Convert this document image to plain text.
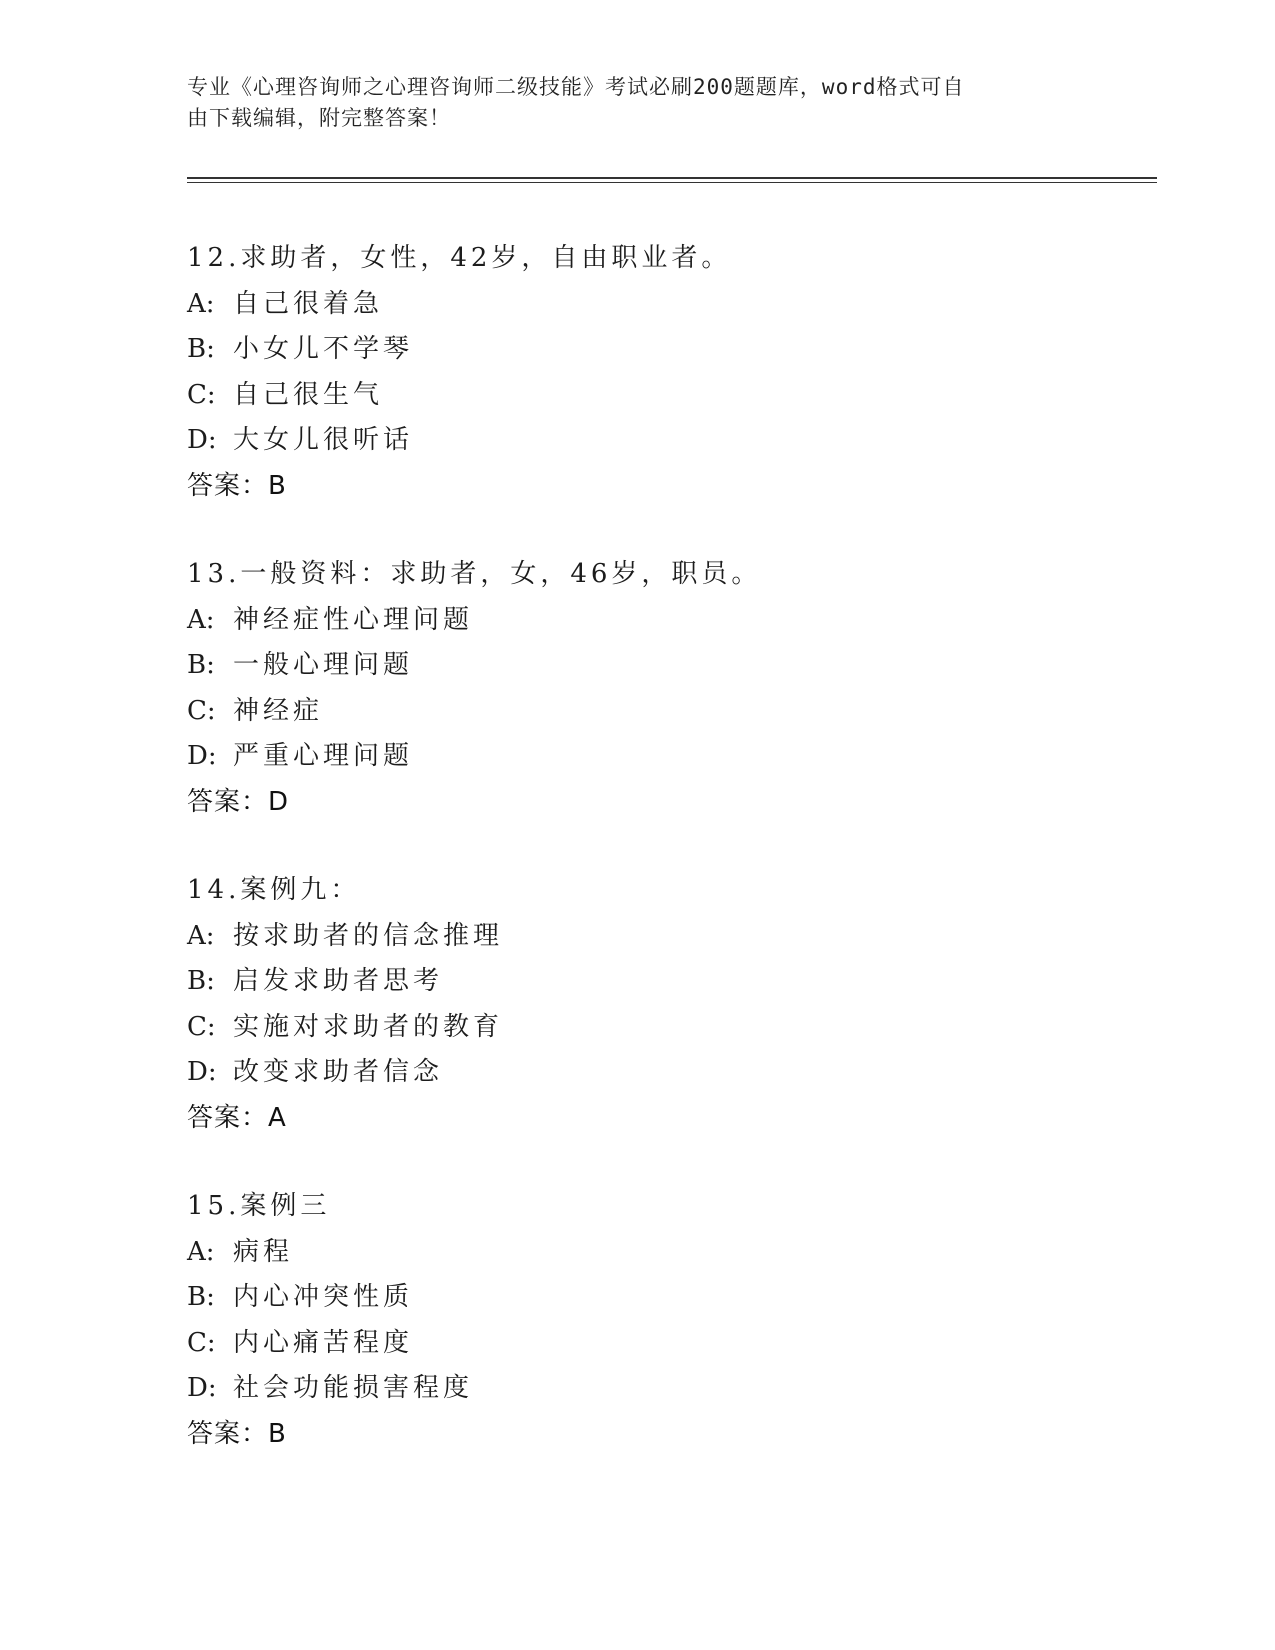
专业《心理咨询师之心理咨询师二级技能》考试必刷200题题库，word格式可自

由下载编辑，附完整答案！

12.求助者，女性，42岁，自由职业者。
A: 自己很着急
B: 小女儿不学琴
C: 自己很生气
D: 大女儿很听话
答案：B
13.一般资料：求助者，女，46岁，职员。
A: 神经症性心理问题
B: 一般心理问题
C: 神经症
D: 严重心理问题
答案：D
14.案例九：
A: 按求助者的信念推理
B: 启发求助者思考
C: 实施对求助者的教育
D: 改变求助者信念
答案：A
15.案例三
A: 病程
B: 内心冲突性质
C: 内心痛苦程度
D: 社会功能损害程度
答案：B
